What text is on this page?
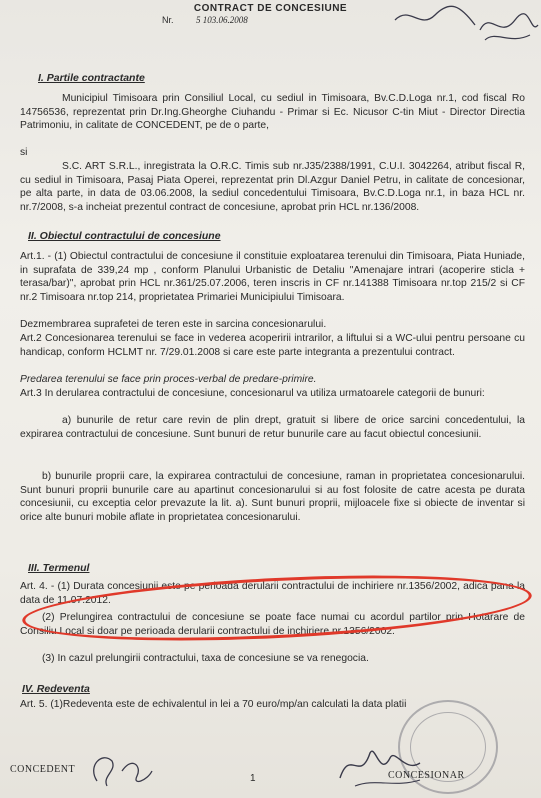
CONTRACT DE CONCESIUNE
Nr.	5 103.06.2008
I. Partile contractante
Municipiul Timisoara prin Consiliul Local, cu sediul in Timisoara, Bv.C.D.Loga nr.1, cod fiscal Ro 14756536, reprezentat prin Dr.Ing.Gheorghe Ciuhandu - Primar si Ec. Nicusor C-tin Miut - Director Directia Patrimoniu, in calitate de CONCEDENT, pe de o parte,
si
S.C. ART S.R.L., inregistrata la O.R.C. Timis sub nr.J35/2388/1991, C.U.I. 3042264, atribut fiscal R, cu sediul in Timisoara, Pasaj Piata Operei, reprezentat prin Dl.Azgur Daniel Petru, in calitate de concesionar, pe alta parte, in data de 03.06.2008, la sediul concedentului Timisoara, Bv.C.D.Loga nr.1, in baza HCL nr. nr.7/2008, s-a incheiat prezentul contract de concesiune, aprobat prin HCL nr.136/2008.
II. Obiectul contractului de concesiune
Art.1. - (1) Obiectul contractului de concesiune il constituie exploatarea terenului din Timisoara, Piata Huniade, in suprafata de 339,24 mp , conform Planului Urbanistic de Detaliu "Amenajare intrari (acoperire sticla + terasa/bar)", aprobat prin HCL nr.361/25.07.2006, teren inscris in CF nr.141388 Timisoara nr.top 215/2 si CF nr.2 Timisoara nr.top 214, proprietatea Primariei Municipiului Timisoara.
Dezmembrarea suprafetei de teren este in sarcina concesionarului.
Art.2 Concesionarea terenului se face in vederea acoperirii intrarilor, a liftului si a WC-ului pentru persoane cu handicap, conform HCLMT nr. 7/29.01.2008 si care este parte integranta a prezentului contract.
Predarea terenului se face prin proces-verbal de predare-primire.
Art.3 In derularea contractului de concesiune, concesionarul va utiliza urmatoarele categorii de bunuri:
a) bunurile de retur care revin de plin drept, gratuit si libere de orice sarcini concedentului, la expirarea contractului de concesiune. Sunt bunuri de retur bunurile care au facut obiectul concesiunii.
b) bunurile proprii care, la expirarea contractului de concesiune, raman in proprietatea concesionarului. Sunt bunuri proprii bunurile care au apartinut concesionarului si au fost folosite de catre acesta pe durata concesiunii, cu exceptia celor prevazute la lit. a). Sunt bunuri proprii, mijloacele fixe si obiecte de inventar si orice alte bunuri mobile aflate in proprietatea concesionarului.
III. Termenul
Art. 4. - (1) Durata concesiunii este pe perioada derularii contractului de inchiriere nr.1356/2002, adica pana la data de 11.07.2012.
(2) Prelungirea contractului de concesiune se poate face numai cu acordul partilor prin Hotarare de Consiliu Local si doar pe perioada derularii contractului de inchiriere nr.1356/2002.
(3) In cazul prelungirii contractului, taxa de concesiune se va renegocia.
IV. Redeventa
Art. 5. (1)Redeventa este de echivalentul in lei a 70 euro/mp/an calculati la data platii
CONCEDENT
1	CONCESIONAR
